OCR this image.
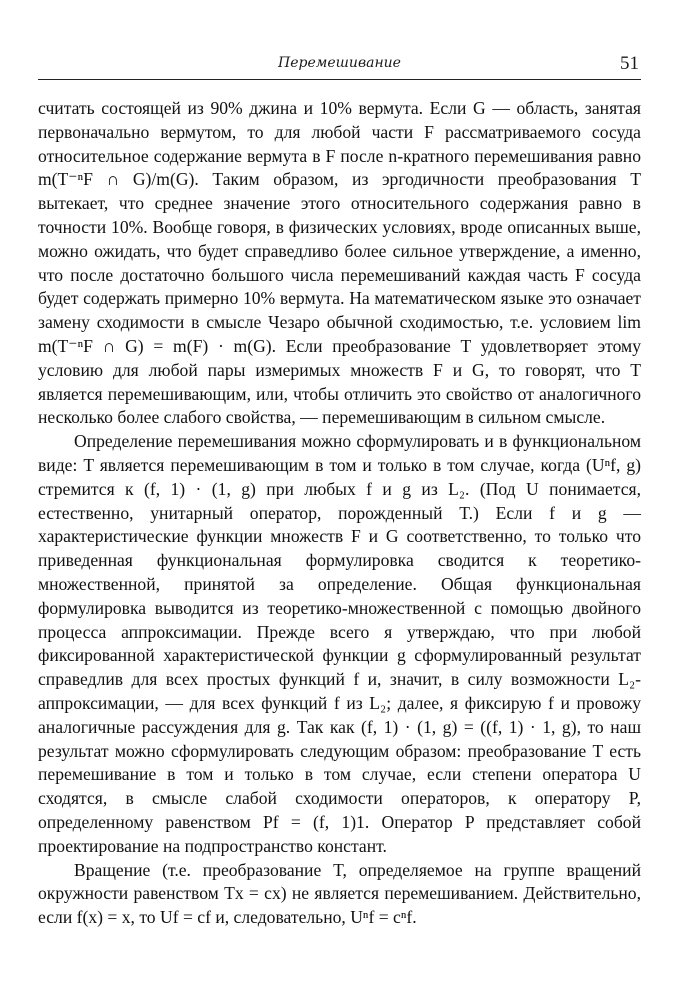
Перемешивание	51

считать состоящей из 90% джина и 10% вермута. Если G — область, занятая первоначально вермутом, то для любой части F рассматриваемого сосуда относительное содержание вермута в F после n-кратного перемешивания равно m(T⁻ⁿF ∩ G)/m(G). Таким образом, из эргодичности преобразования T вытекает, что среднее значение этого относительного содержания равно в точности 10%. Вообще говоря, в физических условиях, вроде описанных выше, можно ожидать, что будет справедливо более сильное утверждение, а именно, что после достаточно большого числа перемешиваний каждая часть F сосуда будет содержать примерно 10% вермута. На математическом языке это означает замену сходимости в смысле Чезаро обычной сходимостью, т.е. условием lim m(T⁻ⁿF ∩ G) = m(F) · m(G). Если преобразование T удовлетворяет этому условию для любой пары измеримых множеств F и G, то говорят, что T является перемешивающим, или, чтобы отличить это свойство от аналогичного несколько более слабого свойства, — перемешивающим в сильном смысле.

Определение перемешивания можно сформулировать и в функциональном виде: T является перемешивающим в том и только в том случае, когда (Uⁿf, g) стремится к (f, 1) · (1, g) при любых f и g из L₂. (Под U понимается, естественно, унитарный оператор, порожденный T.) Если f и g — характеристические функции множеств F и G соответственно, то только что приведенная функциональная формулировка сводится к теоретико-множественной, принятой за определение. Общая функциональная формулировка выводится из теоретико-множественной с помощью двойного процесса аппроксимации. Прежде всего я утверждаю, что при любой фиксированной характеристической функции g сформулированный результат справедлив для всех простых функций f и, значит, в силу возможности L₂-аппроксимации, — для всех функций f из L₂; далее, я фиксирую f и провожу аналогичные рассуждения для g. Так как (f, 1) · (1, g) = ((f, 1) · 1, g), то наш результат можно сформулировать следующим образом: преобразование T есть перемешивание в том и только в том случае, если степени оператора U сходятся, в смысле слабой сходимости операторов, к оператору P, определенному равенством Pf = (f, 1)1. Оператор P представляет собой проектирование на подпространство констант.

Вращение (т.е. преобразование T, определяемое на группе вращений окружности равенством Tx = cx) не является перемешиванием. Действительно, если f(x) = x, то Uf = cf и, следовательно, Uⁿf = cⁿf.
